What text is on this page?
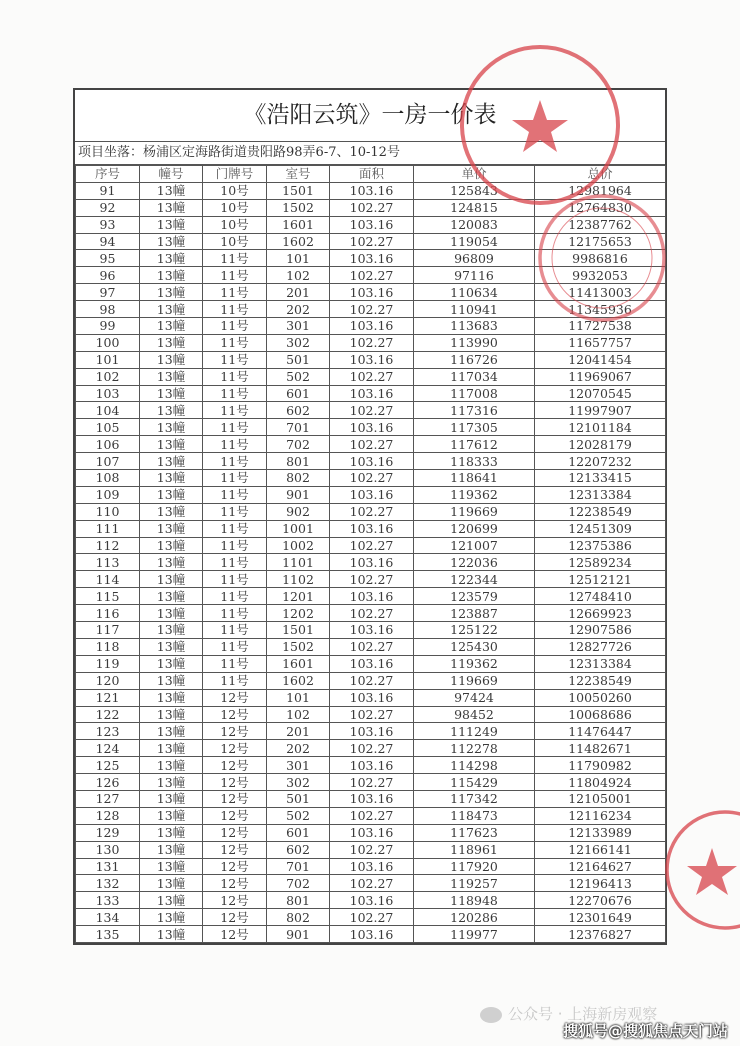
《浩阳云筑》一房一价表
项目坐落：杨浦区定海路街道贵阳路98弄6-7、10-12号
序号	幢号	门牌号	室号	面积	单价	总价
91	13幢	10号	1501	103.16	125843	12981964
92	13幢	10号	1502	102.27	124815	12764830
93	13幢	10号	1601	103.16	120083	12387762
94	13幢	10号	1602	102.27	119054	12175653
95	13幢	11号	101	103.16	96809	9986816
96	13幢	11号	102	102.27	97116	9932053
97	13幢	11号	201	103.16	110634	11413003
98	13幢	11号	202	102.27	110941	11345936
99	13幢	11号	301	103.16	113683	11727538
100	13幢	11号	302	102.27	113990	11657757
101	13幢	11号	501	103.16	116726	12041454
102	13幢	11号	502	102.27	117034	11969067
103	13幢	11号	601	103.16	117008	12070545
104	13幢	11号	602	102.27	117316	11997907
105	13幢	11号	701	103.16	117305	12101184
106	13幢	11号	702	102.27	117612	12028179
107	13幢	11号	801	103.16	118333	12207232
108	13幢	11号	802	102.27	118641	12133415
109	13幢	11号	901	103.16	119362	12313384
110	13幢	11号	902	102.27	119669	12238549
111	13幢	11号	1001	103.16	120699	12451309
112	13幢	11号	1002	102.27	121007	12375386
113	13幢	11号	1101	103.16	122036	12589234
114	13幢	11号	1102	102.27	122344	12512121
115	13幢	11号	1201	103.16	123579	12748410
116	13幢	11号	1202	102.27	123887	12669923
117	13幢	11号	1501	103.16	125122	12907586
118	13幢	11号	1502	102.27	125430	12827726
119	13幢	11号	1601	103.16	119362	12313384
120	13幢	11号	1602	102.27	119669	12238549
121	13幢	12号	101	103.16	97424	10050260
122	13幢	12号	102	102.27	98452	10068686
123	13幢	12号	201	103.16	111249	11476447
124	13幢	12号	202	102.27	112278	11482671
125	13幢	12号	301	103.16	114298	11790982
126	13幢	12号	302	102.27	115429	11804924
127	13幢	12号	501	103.16	117342	12105001
128	13幢	12号	502	102.27	118473	12116234
129	13幢	12号	601	103.16	117623	12133989
130	13幢	12号	602	102.27	118961	12166141
131	13幢	12号	701	103.16	117920	12164627
132	13幢	12号	702	102.27	119257	12196413
133	13幢	12号	801	103.16	118948	12270676
134	13幢	12号	802	102.27	120286	12301649
135	13幢	12号	901	103.16	119977	12376827
公众号 · 上海新房观察
搜狐号@搜狐焦点天门站
